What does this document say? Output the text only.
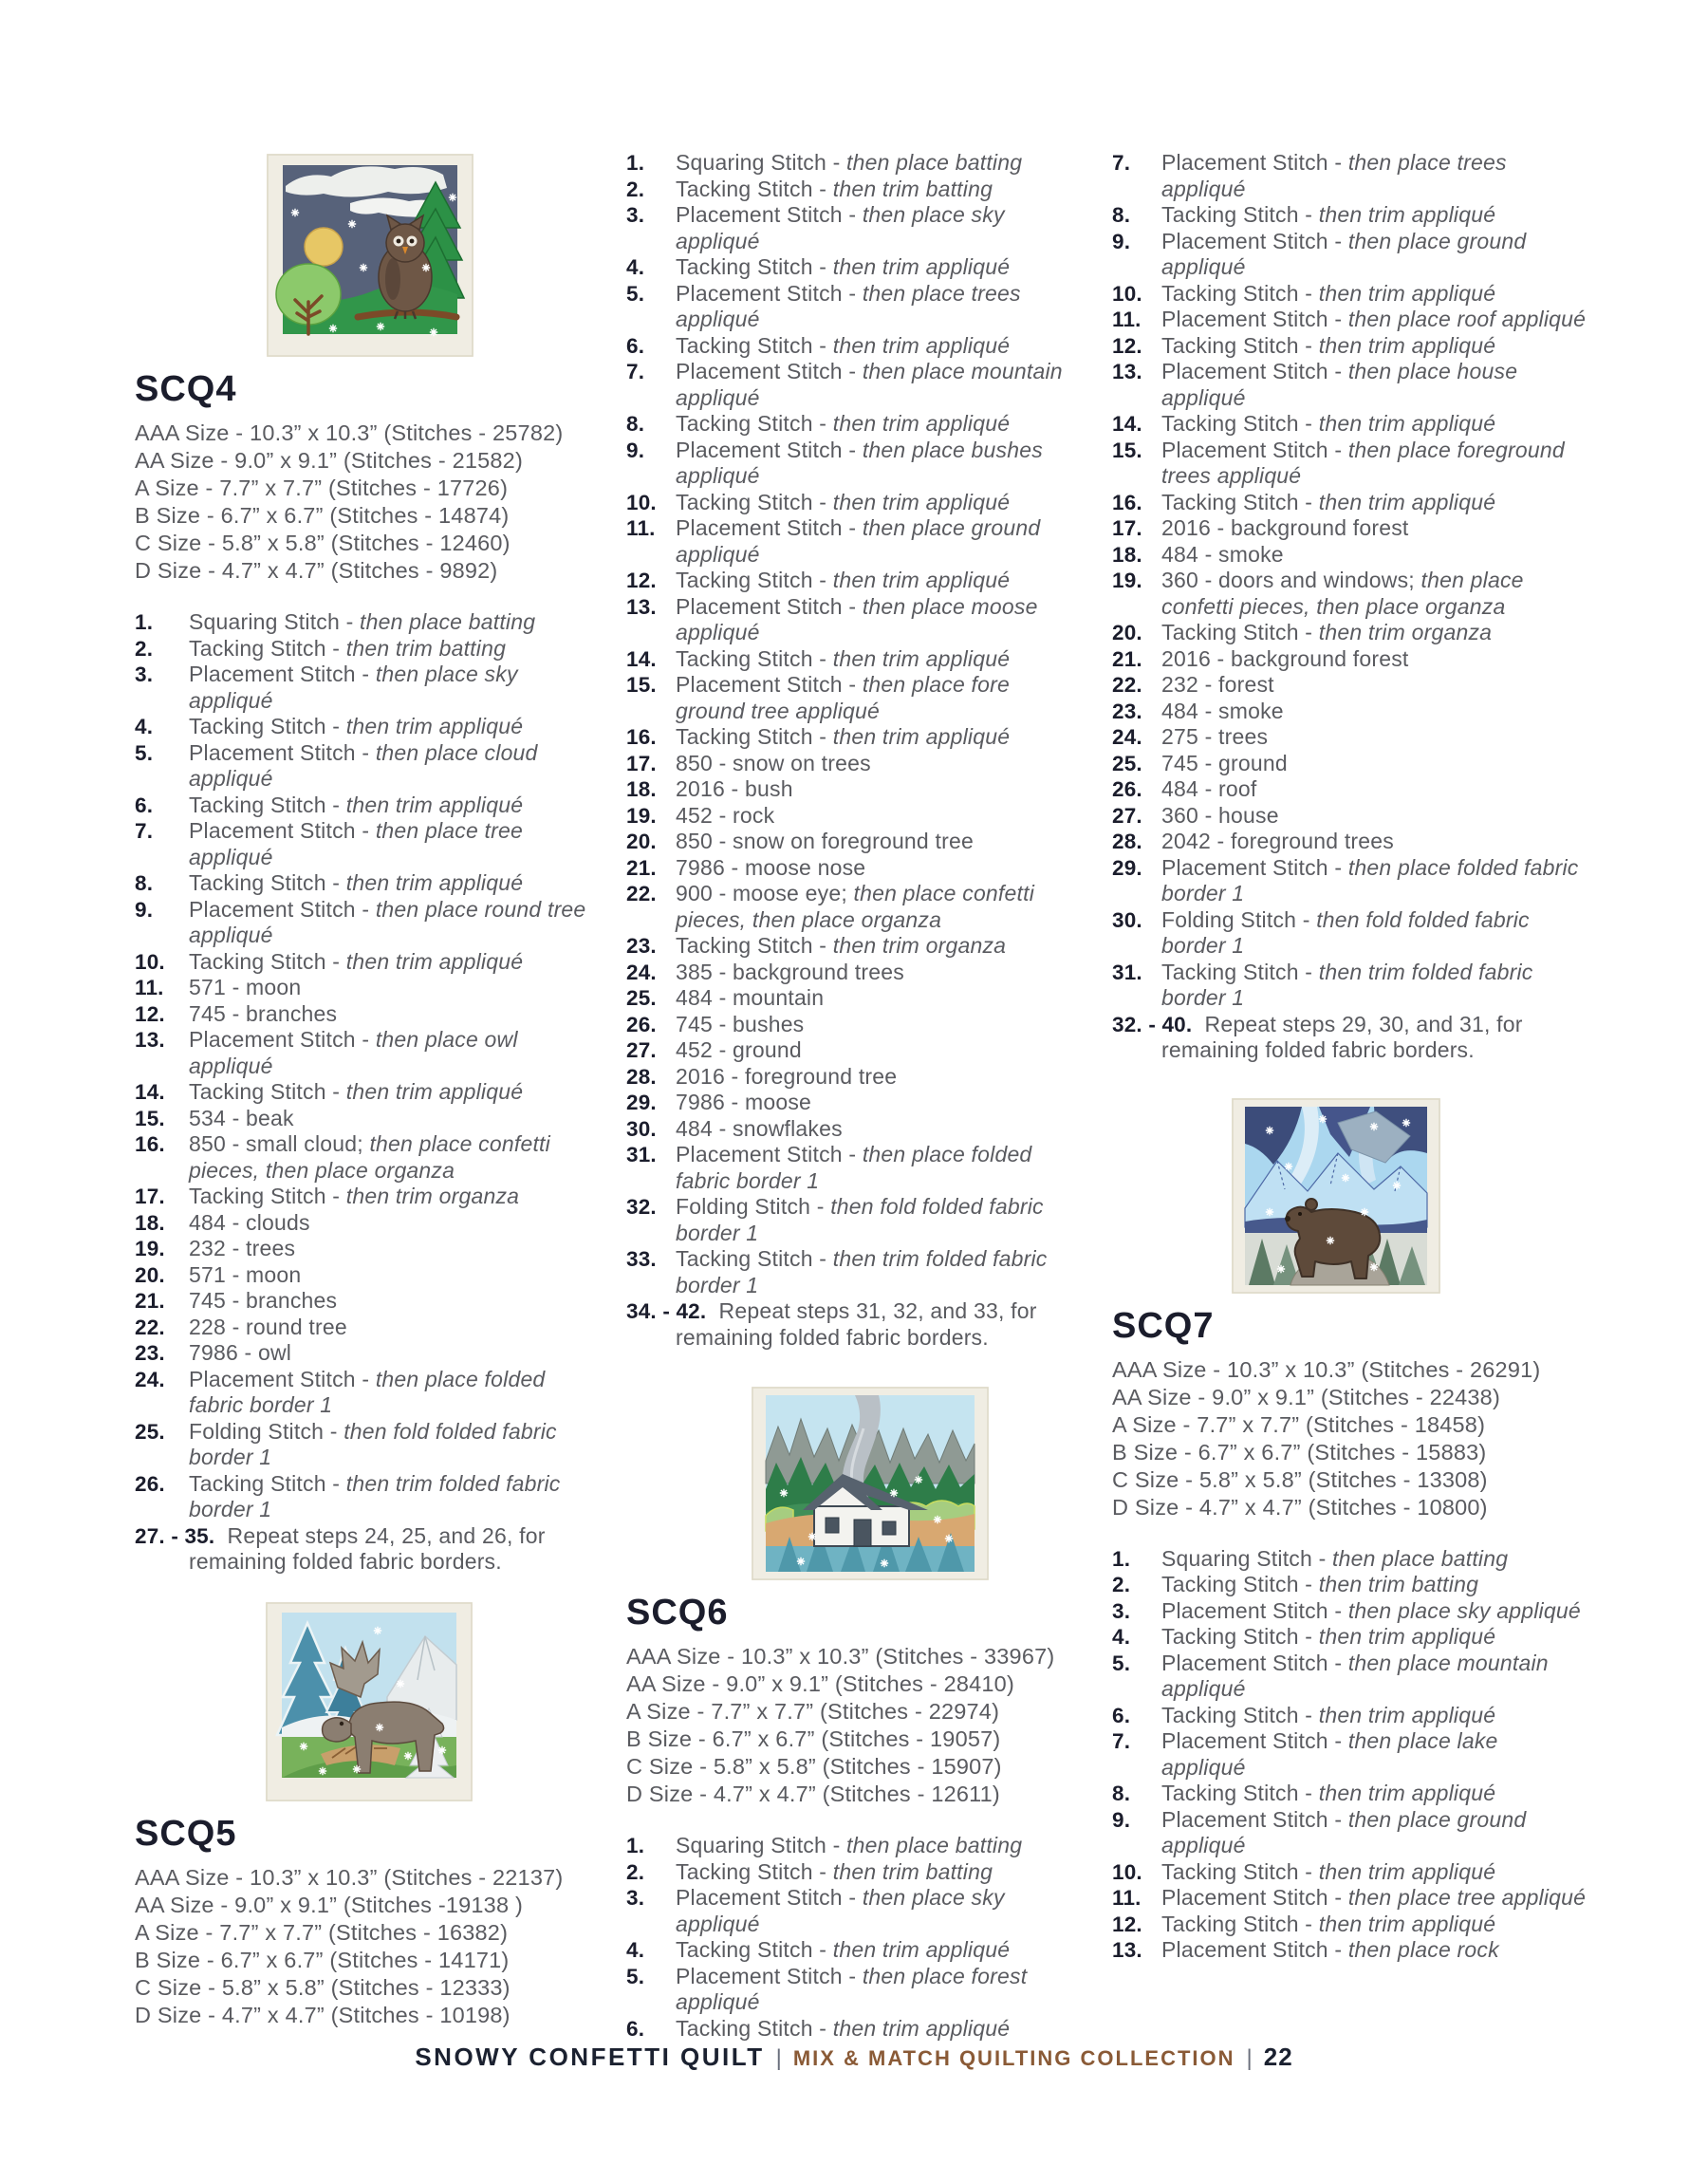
SCQ4
AAA Size - 10.3” x 10.3” (Stitches - 25782)
AA Size - 9.0” x 9.1” (Stitches - 21582)
A Size - 7.7” x 7.7” (Stitches - 17726)
B Size - 6.7” x 6.7” (Stitches - 14874)
C Size - 5.8” x 5.8” (Stitches - 12460)
D Size - 4.7” x 4.7” (Stitches - 9892)
1.	Squaring Stitch - then place batting
2.	Tacking Stitch - then trim batting
3.	Placement Stitch - then place sky appliqué
4.	Tacking Stitch - then trim appliqué
5.	Placement Stitch - then place cloud appliqué
6.	Tacking Stitch - then trim appliqué
7.	Placement Stitch - then place tree appliqué
8.	Tacking Stitch - then trim appliqué
9.	Placement Stitch - then place round tree appliqué
10.	Tacking Stitch - then trim appliqué
11.	571 - moon
12.	745 - branches
13.	Placement Stitch - then place owl appliqué
14.	Tacking Stitch - then trim appliqué
15.	534 - beak
16.	850 - small cloud; then place confetti pieces, then place organza
17.	Tacking Stitch - then trim organza
18.	484 - clouds
19.	232 - trees
20.	571 - moon
21.	745 - branches
22.	228 - round tree
23.	7986 - owl
24.	Placement Stitch - then place folded fabric border 1
25.	Folding Stitch - then fold folded fabric border 1
26.	Tacking Stitch - then trim folded fabric border 1
27. - 35. Repeat steps 24, 25, and 26, for remaining folded fabric borders.
SCQ5
AAA Size - 10.3” x 10.3” (Stitches - 22137)
AA Size - 9.0” x 9.1” (Stitches -19138 )
A Size - 7.7” x 7.7” (Stitches - 16382)
B Size - 6.7” x 6.7” (Stitches - 14171)
C Size - 5.8” x 5.8” (Stitches - 12333)
D Size - 4.7” x 4.7” (Stitches - 10198)
1.	Squaring Stitch - then place batting
2.	Tacking Stitch - then trim batting
3.	Placement Stitch - then place sky appliqué
4.	Tacking Stitch - then trim appliqué
5.	Placement Stitch - then place trees appliqué
6.	Tacking Stitch - then trim appliqué
7.	Placement Stitch - then place mountain appliqué
8.	Tacking Stitch - then trim appliqué
9.	Placement Stitch - then place bushes appliqué
10. Tacking Stitch - then trim appliqué
11. Placement Stitch - then place ground appliqué
12. Tacking Stitch - then trim appliqué
13. Placement Stitch - then place moose appliqué
14. Tacking Stitch - then trim appliqué
15. Placement Stitch - then place fore ground tree appliqué
16. Tacking Stitch - then trim appliqué
17. 850 - snow on trees
18. 2016 - bush
19. 452 - rock
20. 850 - snow on foreground tree
21. 7986 - moose nose
22. 900 - moose eye; then place confetti pieces, then place organza
23. Tacking Stitch - then trim organza
24. 385 - background trees
25. 484 - mountain
26. 745 - bushes
27. 452 - ground
28. 2016 - foreground tree
29. 7986 - moose
30. 484 - snowflakes
31. Placement Stitch - then place folded fabric border 1
32. Folding Stitch - then fold folded fabric border 1
33. Tacking Stitch - then trim folded fabric border 1
34. - 42. Repeat steps 31, 32, and 33, for remaining folded fabric borders.
SCQ6
AAA Size - 10.3” x 10.3” (Stitches - 33967)
AA Size - 9.0” x 9.1” (Stitches - 28410)
A Size - 7.7” x 7.7” (Stitches - 22974)
B Size - 6.7” x 6.7” (Stitches - 19057)
C Size - 5.8” x 5.8” (Stitches - 15907)
D Size - 4.7” x 4.7” (Stitches - 12611)
1.	Squaring Stitch - then place batting
2.	Tacking Stitch - then trim batting
3.	Placement Stitch - then place sky appliqué
4.	Tacking Stitch - then trim appliqué
5.	Placement Stitch - then place forest appliqué
6.	Tacking Stitch - then trim appliqué
7.	Placement Stitch - then place trees appliqué
8.	Tacking Stitch - then trim appliqué
9.	Placement Stitch - then place ground appliqué
10. Tacking Stitch - then trim appliqué
11. Placement Stitch - then place roof appliqué
12. Tacking Stitch - then trim appliqué
13. Placement Stitch - then place house appliqué
14. Tacking Stitch - then trim appliqué
15. Placement Stitch - then place foreground trees appliqué
16. Tacking Stitch - then trim appliqué
17. 2016 - background forest
18. 484 - smoke
19. 360 - doors and windows; then place confetti pieces, then place organza
20. Tacking Stitch - then trim organza
21. 2016 - background forest
22. 232 - forest
23. 484 - smoke
24. 275 - trees
25. 745 - ground
26. 484 - roof
27. 360 - house
28. 2042 - foreground trees
29. Placement Stitch - then place folded fabric border 1
30. Folding Stitch - then fold folded fabric border 1
31. Tacking Stitch - then trim folded fabric border 1
32. - 40. Repeat steps 29, 30, and 31, for remaining folded fabric borders.
SCQ7
AAA Size - 10.3” x 10.3” (Stitches - 26291)
AA Size - 9.0” x 9.1” (Stitches - 22438)
A Size - 7.7” x 7.7” (Stitches - 18458)
B Size - 6.7” x 6.7” (Stitches - 15883)
C Size - 5.8” x 5.8” (Stitches - 13308)
D Size - 4.7” x 4.7” (Stitches - 10800)
1.	Squaring Stitch - then place batting
2.	Tacking Stitch - then trim batting
3.	Placement Stitch - then place sky appliqué
4.	Tacking Stitch - then trim appliqué
5.	Placement Stitch - then place mountain appliqué
6.	Tacking Stitch - then trim appliqué
7.	Placement Stitch - then place lake appliqué
8.	Tacking Stitch - then trim appliqué
9.	Placement Stitch - then place ground appliqué
10. Tacking Stitch - then trim appliqué
11. Placement Stitch - then place tree appliqué
12. Tacking Stitch - then trim appliqué
13. Placement Stitch - then place rock
SNOWY CONFETTI QUILT | MIX & MATCH QUILTING COLLECTION | 22
